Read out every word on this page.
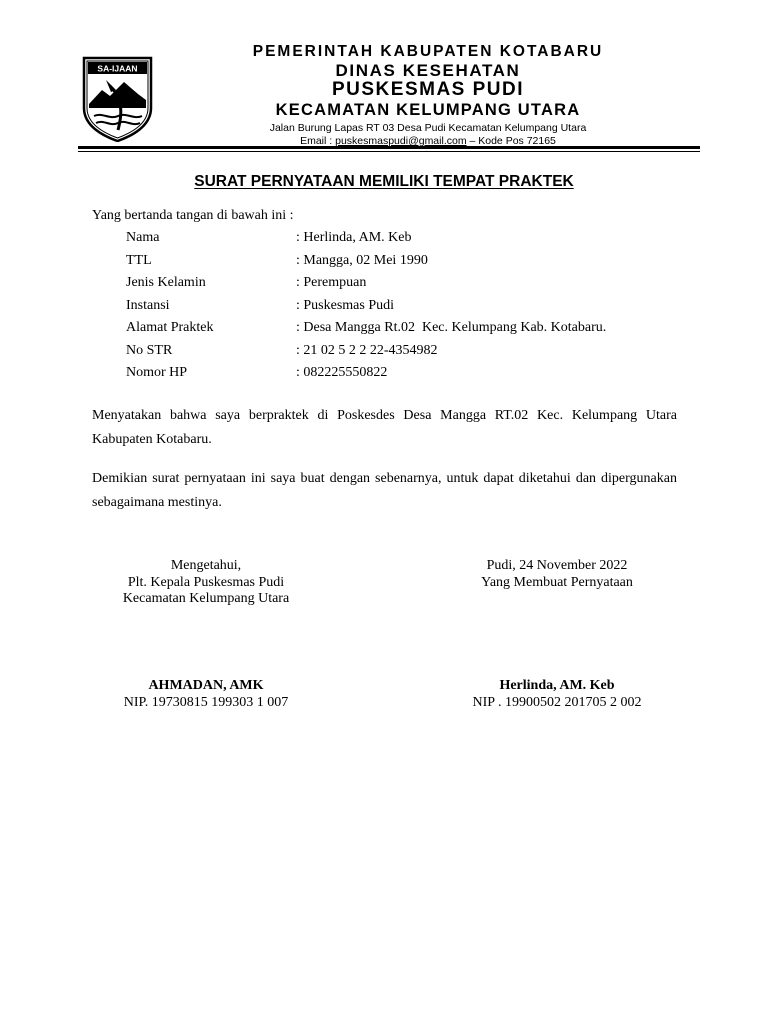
SA-IJAAN
PEMERINTAH KABUPATEN KOTABARU
DINAS KESEHATAN
PUSKESMAS PUDI
KECAMATAN KELUMPANG UTARA
Jalan Burung Lapas RT 03 Desa Pudi Kecamatan Kelumpang Utara
Email : puskesmaspudi@gmail.com – Kode Pos 72165
SURAT PERNYATAAN MEMILIKI TEMPAT PRAKTEK
Yang bertanda tangan di bawah ini :
Nama	: Herlinda, AM. Keb
TTL	: Mangga, 02 Mei 1990
Jenis Kelamin	: Perempuan
Instansi	: Puskesmas Pudi
Alamat Praktek	: Desa Mangga Rt.02  Kec. Kelumpang Kab. Kotabaru.
No STR	: 21 02 5 2 2 22-4354982
Nomor HP	: 082225550822
Menyatakan bahwa saya berpraktek di Poskesdes Desa Mangga RT.02 Kec. Kelumpang Utara Kabupaten Kotabaru.
Demikian surat pernyataan ini saya buat dengan sebenarnya, untuk dapat diketahui dan dipergunakan sebagaimana mestinya.
Mengetahui,
Plt. Kepala Puskesmas Pudi
Kecamatan Kelumpang Utara
Pudi, 24 November 2022
Yang Membuat Pernyataan
AHMADAN, AMK
NIP. 19730815 199303 1 007
Herlinda, AM. Keb
NIP . 19900502 201705 2 002
